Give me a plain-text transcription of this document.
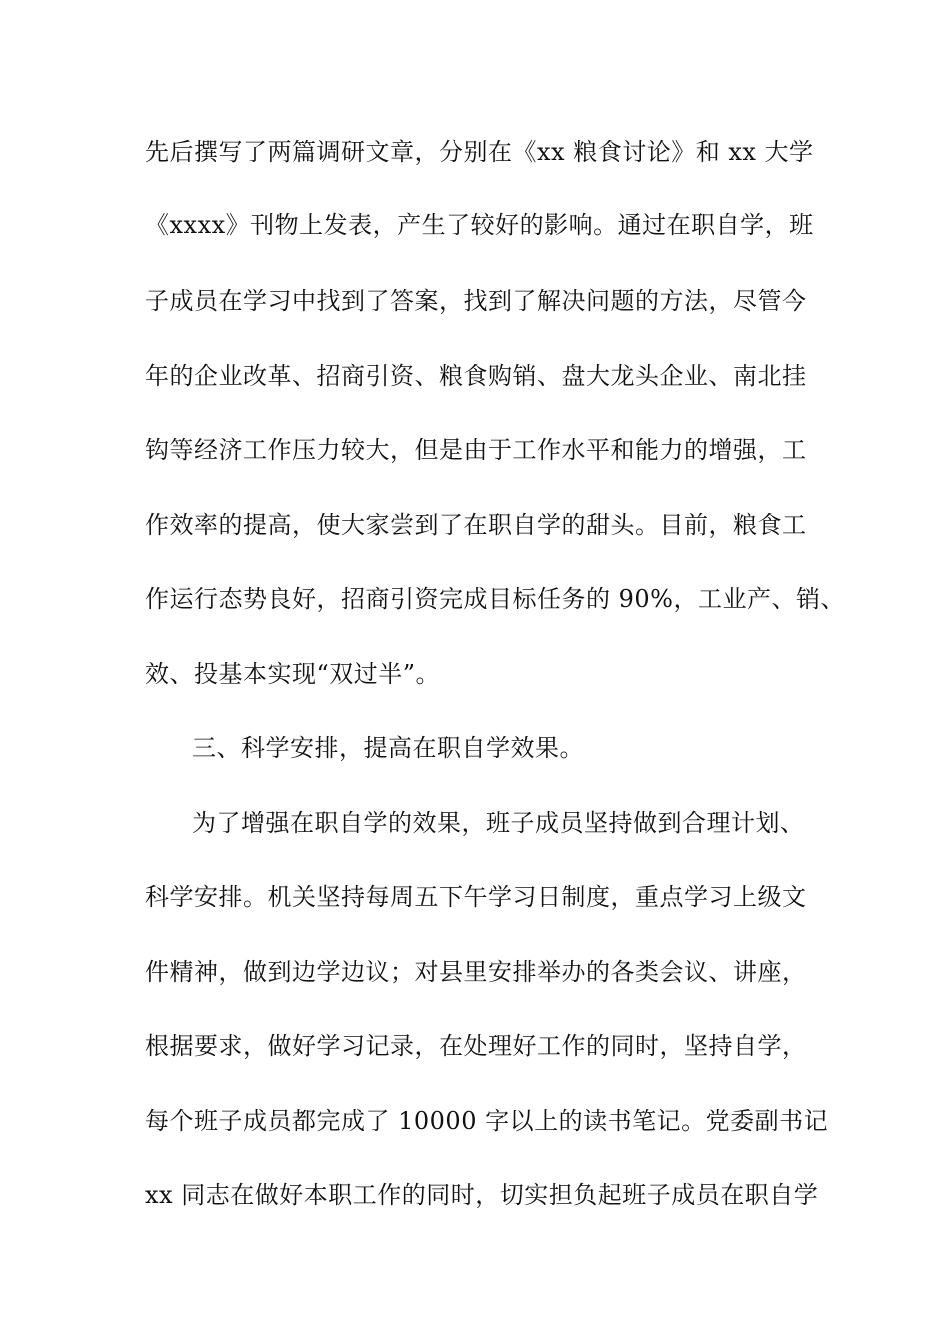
先后撰写了两篇调研文章，分别在《xx 粮食讨论》和 xx 大学
《xxxx》刊物上发表，产生了较好的影响。通过在职自学，班
子成员在学习中找到了答案，找到了解决问题的方法，尽管今
年的企业改革、招商引资、粮食购销、盘大龙头企业、南北挂
钩等经济工作压力较大，但是由于工作水平和能力的增强，工
作效率的提高，使大家尝到了在职自学的甜头。目前，粮食工
作运行态势良好，招商引资完成目标任务的 90%，工业产、销、
效、投基本实现“双过半”。
三、科学安排，提高在职自学效果。
为了增强在职自学的效果，班子成员坚持做到合理计划、
科学安排。机关坚持每周五下午学习日制度，重点学习上级文
件精神，做到边学边议；对县里安排举办的各类会议、讲座，
根据要求，做好学习记录，在处理好工作的同时，坚持自学，
每个班子成员都完成了 10000 字以上的读书笔记。党委副书记
xx 同志在做好本职工作的同时，切实担负起班子成员在职自学
